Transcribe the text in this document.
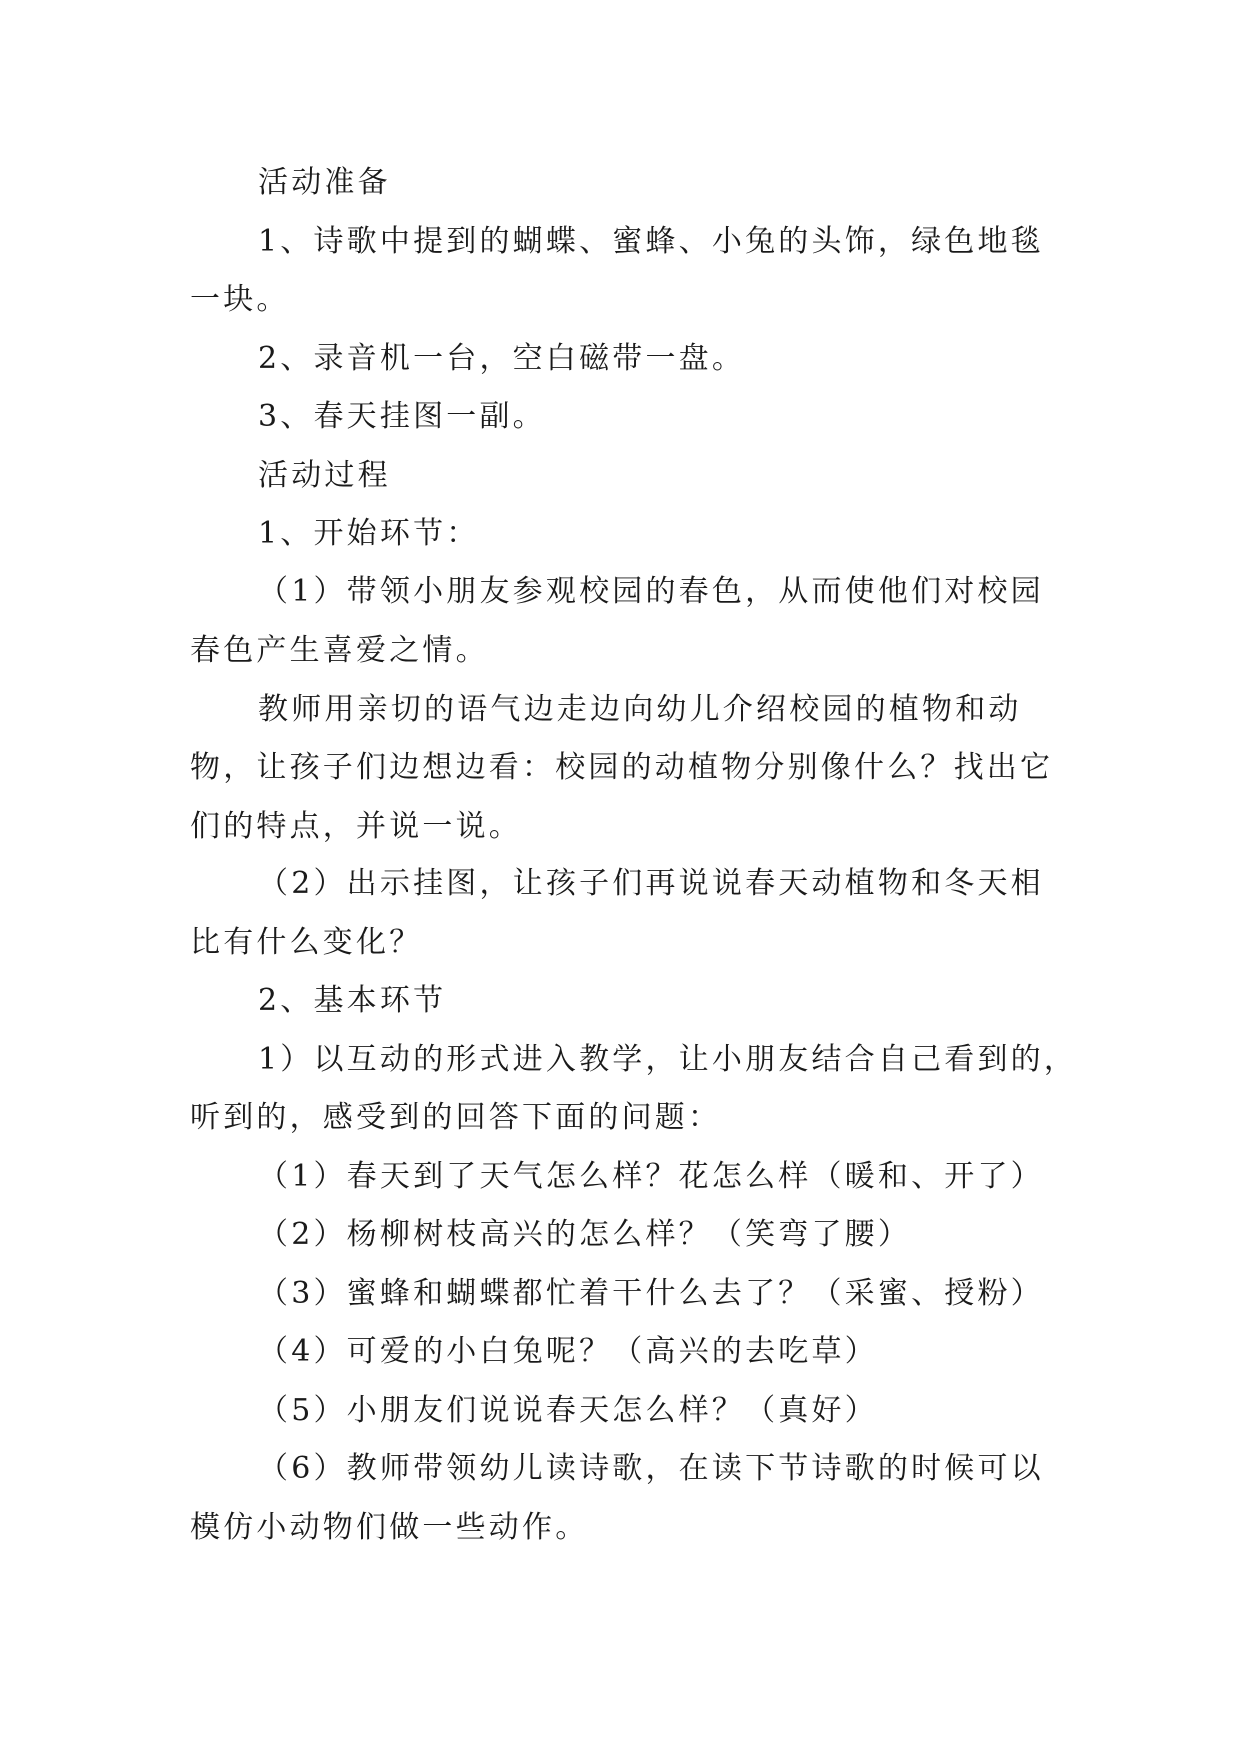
活动准备
1、诗歌中提到的蝴蝶、蜜蜂、小兔的头饰，绿色地毯
一块。
2、录音机一台，空白磁带一盘。
3、春天挂图一副。
活动过程
1、开始环节：
（1）带领小朋友参观校园的春色，从而使他们对校园
春色产生喜爱之情。
教师用亲切的语气边走边向幼儿介绍校园的植物和动
物，让孩子们边想边看：校园的动植物分别像什么？找出它
们的特点，并说一说。
（2）出示挂图，让孩子们再说说春天动植物和冬天相
比有什么变化？
2、基本环节
1）以互动的形式进入教学，让小朋友结合自己看到的，
听到的，感受到的回答下面的问题：
（1）春天到了天气怎么样？花怎么样（暖和、开了）
（2）杨柳树枝高兴的怎么样？（笑弯了腰）
（3）蜜蜂和蝴蝶都忙着干什么去了？（采蜜、授粉）
（4）可爱的小白兔呢？（高兴的去吃草）
（5）小朋友们说说春天怎么样？（真好）
（6）教师带领幼儿读诗歌，在读下节诗歌的时候可以
模仿小动物们做一些动作。
